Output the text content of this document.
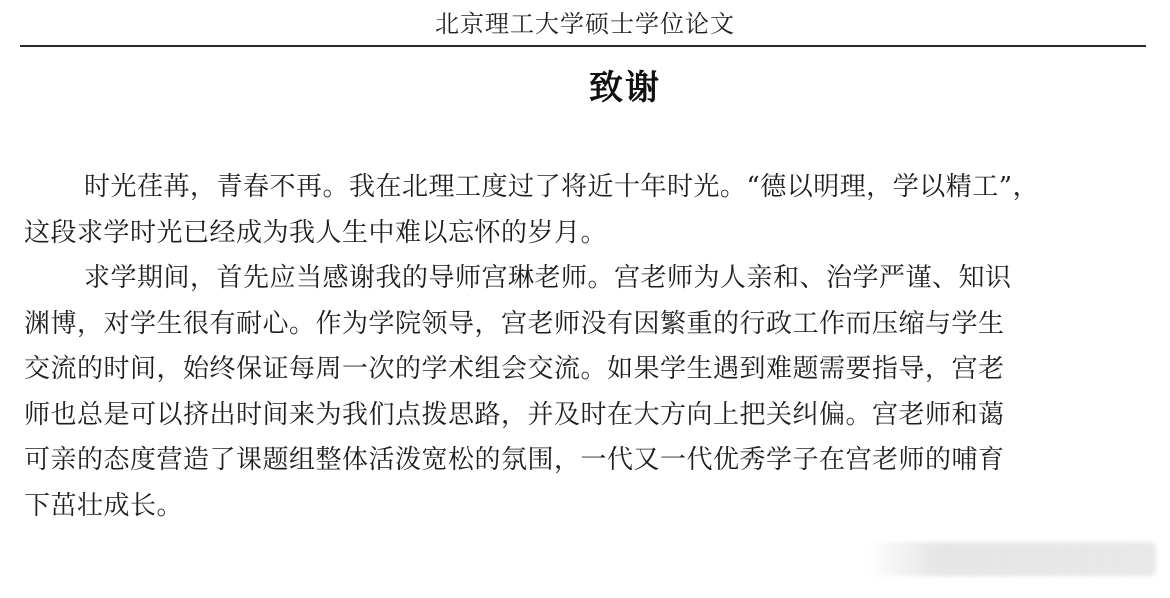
北京理工大学硕士学位论文
致谢
时光荏苒，青春不再。我在北理工度过了将近十年时光。“德以明理，学以精工”，
这段求学时光已经成为我人生中难以忘怀的岁月。
求学期间，首先应当感谢我的导师宫琳老师。宫老师为人亲和、治学严谨、知识
渊博，对学生很有耐心。作为学院领导，宫老师没有因繁重的行政工作而压缩与学生
交流的时间，始终保证每周一次的学术组会交流。如果学生遇到难题需要指导，宫老
师也总是可以挤出时间来为我们点拨思路，并及时在大方向上把关纠偏。宫老师和蔼
可亲的态度营造了课题组整体活泼宽松的氛围，一代又一代优秀学子在宫老师的哺育
下茁壮成长。
